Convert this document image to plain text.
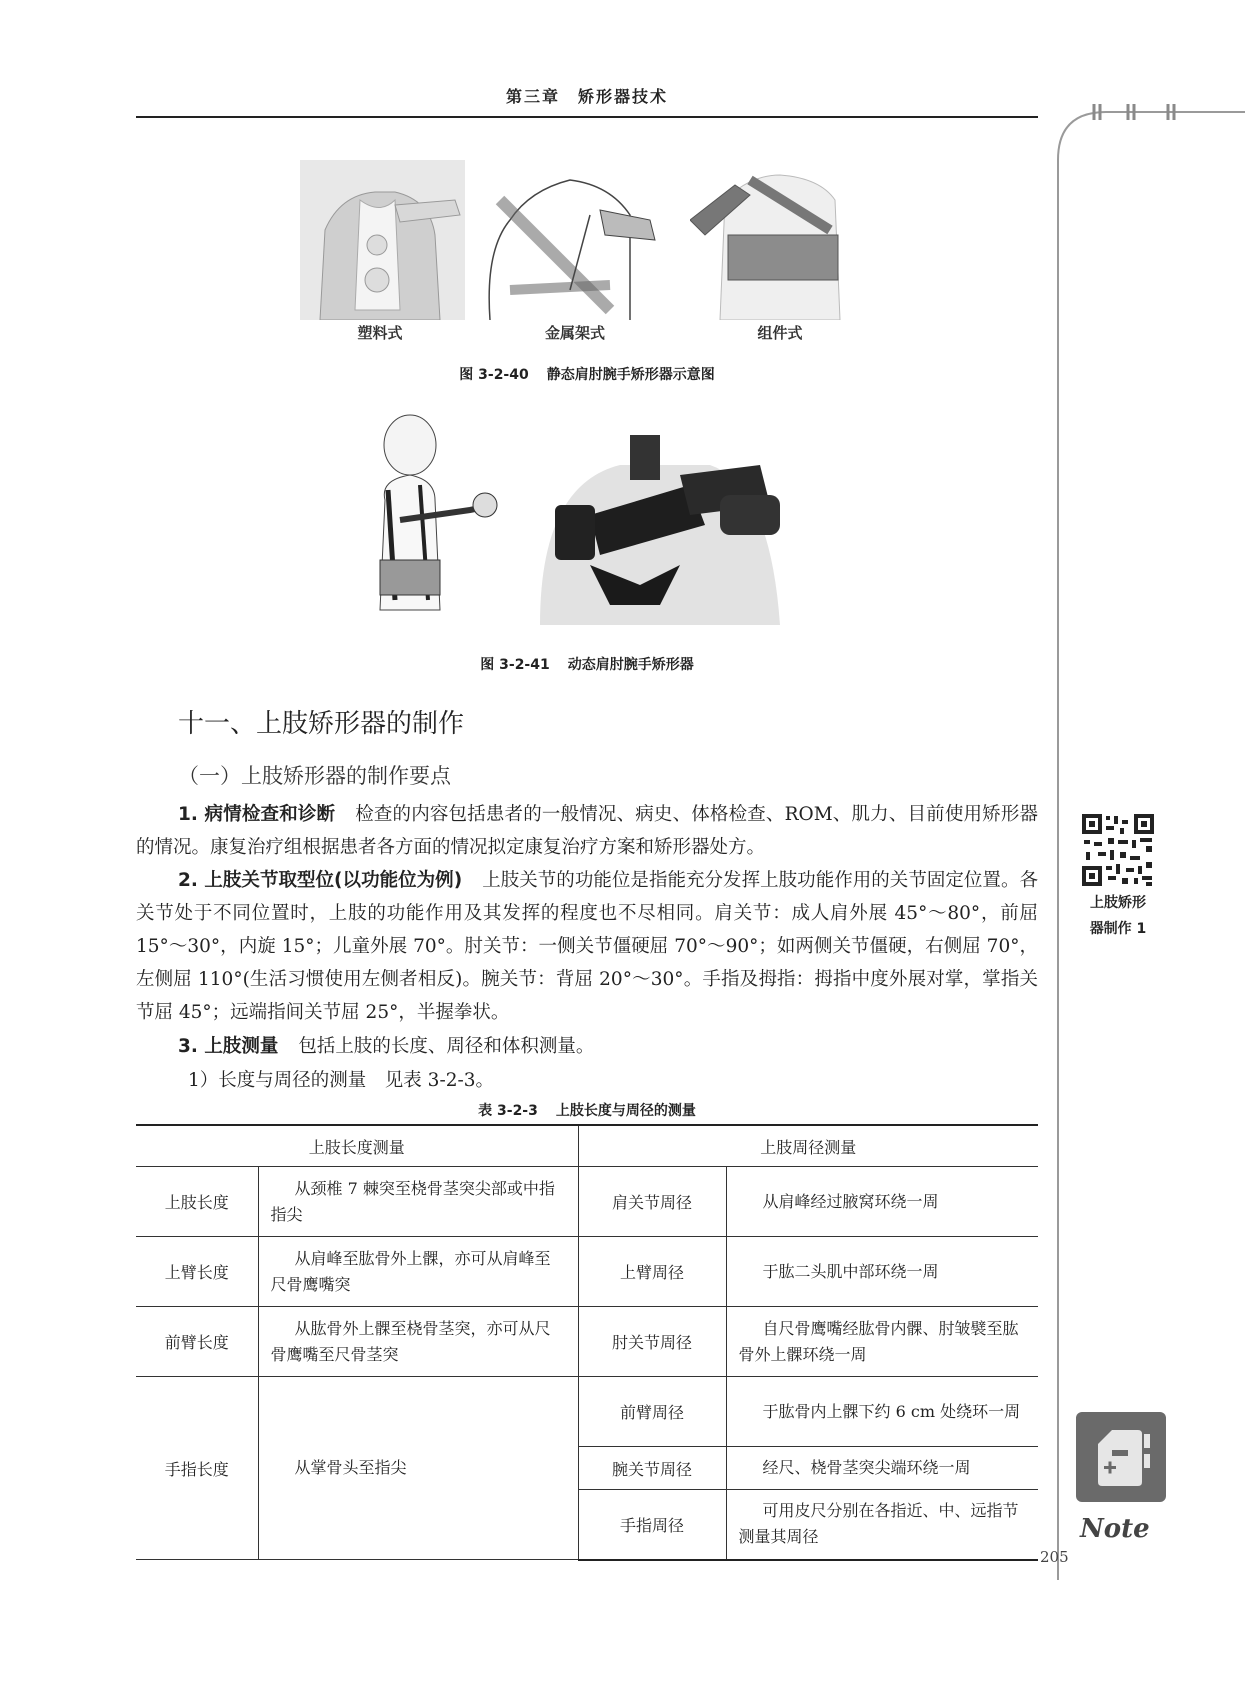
第三章　矫形器技术
塑料式	金属架式	组件式
图 3-2-40 静态肩肘腕手矫形器示意图
图 3-2-41 动态肩肘腕手矫形器
十一、上肢矫形器的制作
（一）上肢矫形器的制作要点
1. 病情检查和诊断 检查的内容包括患者的一般情况、病史、体格检查、ROM、肌力、目前使用矫形器的情况。康复治疗组根据患者各方面的情况拟定康复治疗方案和矫形器处方。
2. 上肢关节取型位(以功能位为例) 上肢关节的功能位是指能充分发挥上肢功能作用的关节固定位置。各关节处于不同位置时，上肢的功能作用及其发挥的程度也不尽相同。肩关节：成人肩外展 45°～80°，前屈 15°～30°，内旋 15°；儿童外展 70°。肘关节：一侧关节僵硬屈 70°～90°；如两侧关节僵硬，右侧屈 70°，左侧屈 110°(生活习惯使用左侧者相反)。腕关节：背屈 20°～30°。手指及拇指：拇指中度外展对掌，掌指关节屈 45°；远端指间关节屈 25°，半握拳状。
3. 上肢测量 包括上肢的长度、周径和体积测量。
1）长度与周径的测量　 见表 3-2-3。
表 3-2-3 上肢长度与周径的测量
上肢长度测量		上肢周径测量	
上肢长度	从颈椎 7 棘突至桡骨茎突尖部或中指指尖	肩关节周径	从肩峰经过腋窝环绕一周
上臂长度	从肩峰至肱骨外上髁，亦可从肩峰至尺骨鹰嘴突	上臂周径	于肱二头肌中部环绕一周
前臂长度	从肱骨外上髁至桡骨茎突，亦可从尺骨鹰嘴至尺骨茎突	肘关节周径	自尺骨鹰嘴经肱骨内髁、肘皱襞至肱骨外上髁环绕一周
手指长度	从掌骨头至指尖	前臂周径	于肱骨内上髁下约 6 cm 处绕环一周
		腕关节周径	经尺、桡骨茎突尖端环绕一周
		手指周径	可用皮尺分别在各指近、中、远指节测量其周径
上肢矫形
器制作 1
Note
205
